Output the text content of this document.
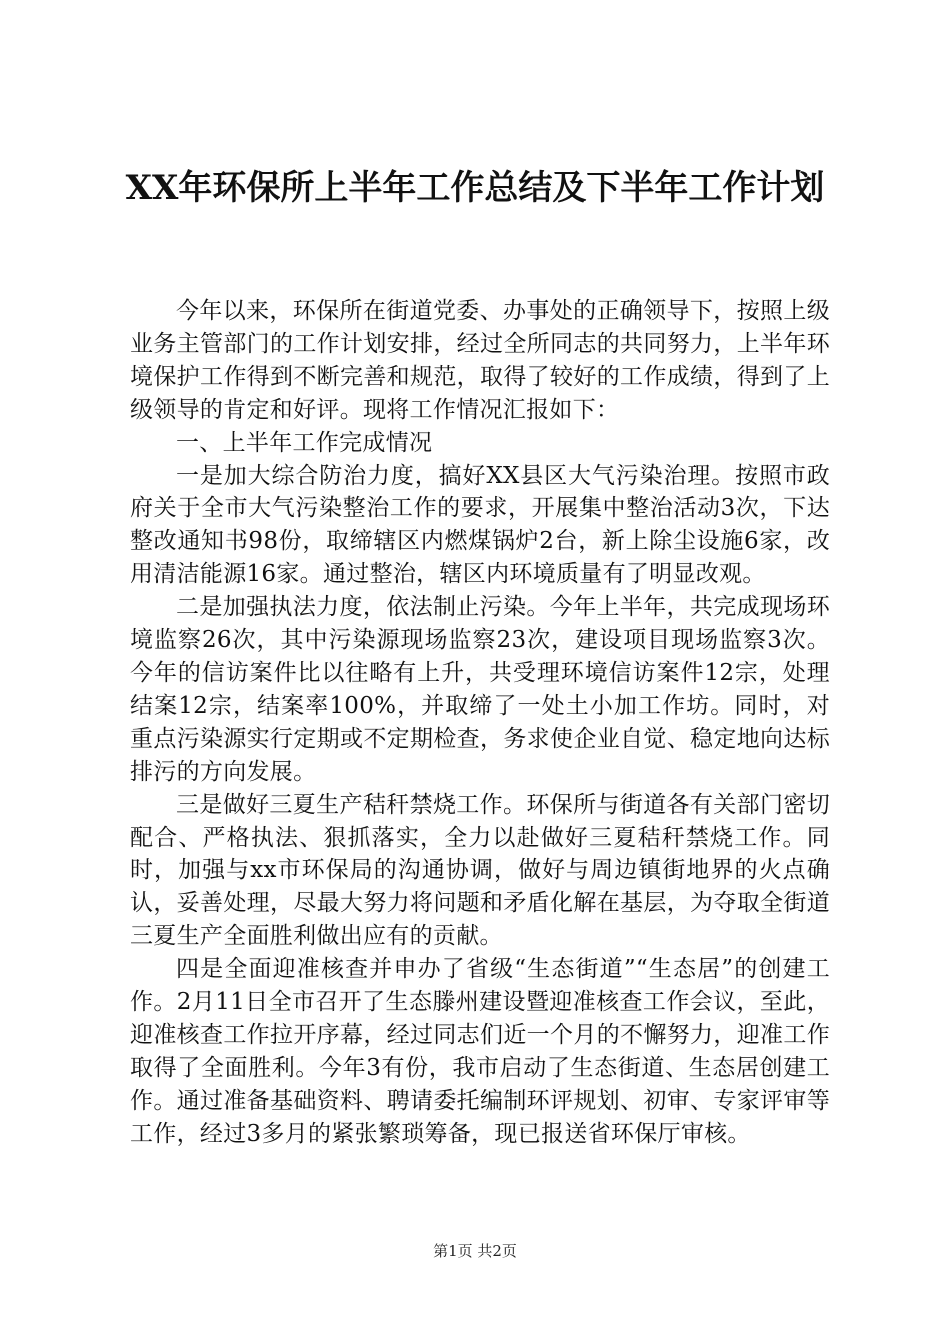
XX年环保所上半年工作总结及下半年工作计划

今年以来，环保所在街道党委、办事处的正确领导下，按照上级业务主管部门的工作计划安排，经过全所同志的共同努力，上半年环境保护工作得到不断完善和规范，取得了较好的工作成绩，得到了上级领导的肯定和好评。现将工作情况汇报如下：

一、上半年工作完成情况

一是加大综合防治力度，搞好XX县区大气污染治理。按照市政府关于全市大气污染整治工作的要求，开展集中整治活动3次，下达整改通知书98份，取缔辖区内燃煤锅炉2台，新上除尘设施6家，改用清洁能源16家。通过整治，辖区内环境质量有了明显改观。

二是加强执法力度，依法制止污染。今年上半年，共完成现场环境监察26次，其中污染源现场监察23次，建设项目现场监察3次。今年的信访案件比以往略有上升，共受理环境信访案件12宗，处理结案12宗，结案率100%，并取缔了一处土小加工作坊。同时，对重点污染源实行定期或不定期检查，务求使企业自觉、稳定地向达标排污的方向发展。

三是做好三夏生产秸秆禁烧工作。环保所与街道各有关部门密切配合、严格执法、狠抓落实，全力以赴做好三夏秸秆禁烧工作。同时，加强与xx市环保局的沟通协调，做好与周边镇街地界的火点确认，妥善处理，尽最大努力将问题和矛盾化解在基层，为夺取全街道三夏生产全面胜利做出应有的贡献。

四是全面迎准核查并申办了省级“生态街道”“生态居”的创建工作。2月11日全市召开了生态滕州建设暨迎准核查工作会议，至此，迎准核查工作拉开序幕，经过同志们近一个月的不懈努力，迎准工作取得了全面胜利。今年3有份，我市启动了生态街道、生态居创建工作。通过准备基础资料、聘请委托编制环评规划、初审、专家评审等工作，经过3多月的紧张繁琐筹备，现已报送省环保厅审核。

第1页 共2页
